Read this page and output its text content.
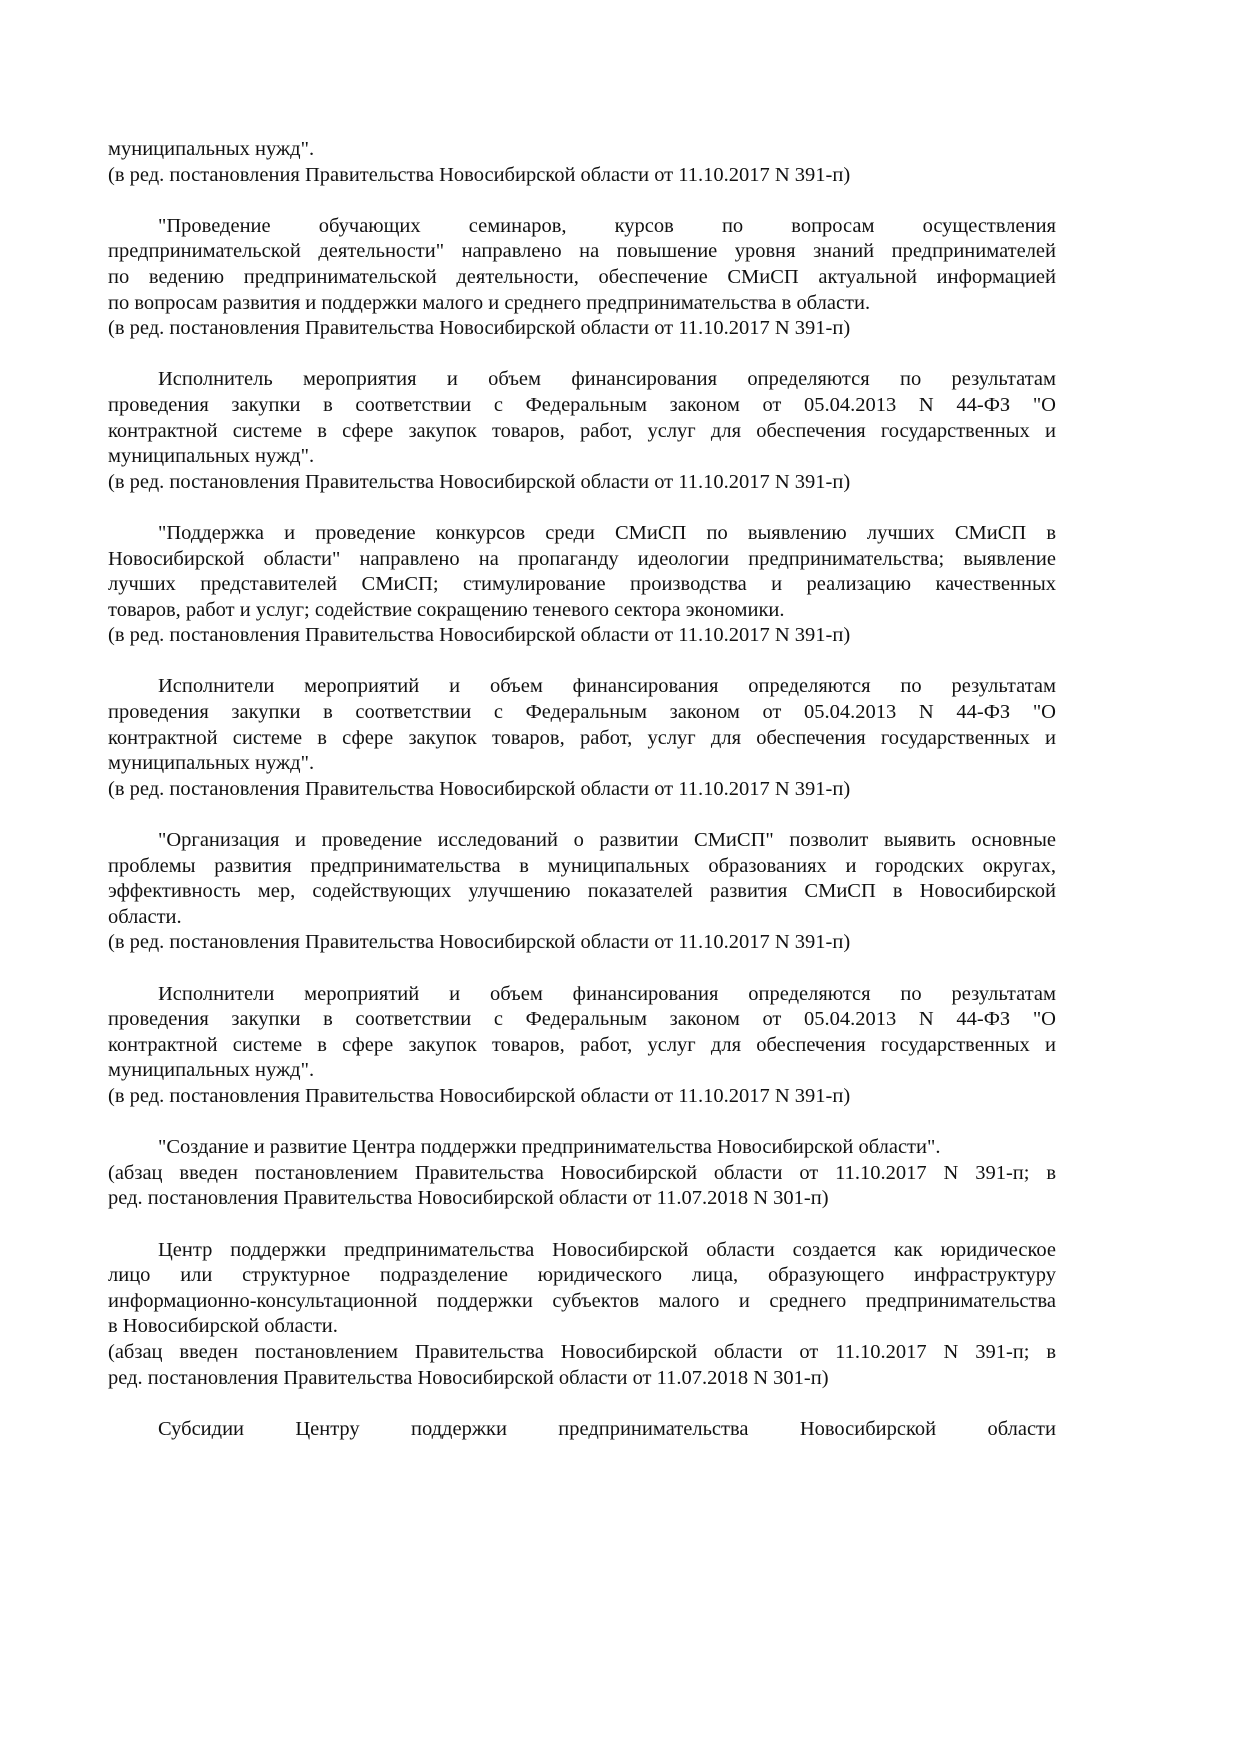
муниципальных нужд".
(в ред. постановления Правительства Новосибирской области от 11.10.2017 N 391-п)
"Проведение обучающих семинаров, курсов по вопросам осуществления
предпринимательской деятельности" направлено на повышение уровня знаний предпринимателей
по ведению предпринимательской деятельности, обеспечение СМиСП актуальной информацией
по вопросам развития и поддержки малого и среднего предпринимательства в области.
(в ред. постановления Правительства Новосибирской области от 11.10.2017 N 391-п)
Исполнитель мероприятия и объем финансирования определяются по результатам
проведения закупки в соответствии с Федеральным законом от 05.04.2013 N 44-ФЗ "О
контрактной системе в сфере закупок товаров, работ, услуг для обеспечения государственных и
муниципальных нужд".
(в ред. постановления Правительства Новосибирской области от 11.10.2017 N 391-п)
"Поддержка и проведение конкурсов среди СМиСП по выявлению лучших СМиСП в
Новосибирской области" направлено на пропаганду идеологии предпринимательства; выявление
лучших представителей СМиСП; стимулирование производства и реализацию качественных
товаров, работ и услуг; содействие сокращению теневого сектора экономики.
(в ред. постановления Правительства Новосибирской области от 11.10.2017 N 391-п)
Исполнители мероприятий и объем финансирования определяются по результатам
проведения закупки в соответствии с Федеральным законом от 05.04.2013 N 44-ФЗ "О
контрактной системе в сфере закупок товаров, работ, услуг для обеспечения государственных и
муниципальных нужд".
(в ред. постановления Правительства Новосибирской области от 11.10.2017 N 391-п)
"Организация и проведение исследований о развитии СМиСП" позволит выявить основные
проблемы развития предпринимательства в муниципальных образованиях и городских округах,
эффективность мер, содействующих улучшению показателей развития СМиСП в Новосибирской
области.
(в ред. постановления Правительства Новосибирской области от 11.10.2017 N 391-п)
Исполнители мероприятий и объем финансирования определяются по результатам
проведения закупки в соответствии с Федеральным законом от 05.04.2013 N 44-ФЗ "О
контрактной системе в сфере закупок товаров, работ, услуг для обеспечения государственных и
муниципальных нужд".
(в ред. постановления Правительства Новосибирской области от 11.10.2017 N 391-п)
"Создание и развитие Центра поддержки предпринимательства Новосибирской области".
(абзац введен постановлением Правительства Новосибирской области от 11.10.2017 N 391-п; в
ред. постановления Правительства Новосибирской области от 11.07.2018 N 301-п)
Центр поддержки предпринимательства Новосибирской области создается как юридическое
лицо или структурное подразделение юридического лица, образующего инфраструктуру
информационно-консультационной поддержки субъектов малого и среднего предпринимательства
в Новосибирской области.
(абзац введен постановлением Правительства Новосибирской области от 11.10.2017 N 391-п; в
ред. постановления Правительства Новосибирской области от 11.07.2018 N 301-п)
Субсидии Центру поддержки предпринимательства Новосибирской области
